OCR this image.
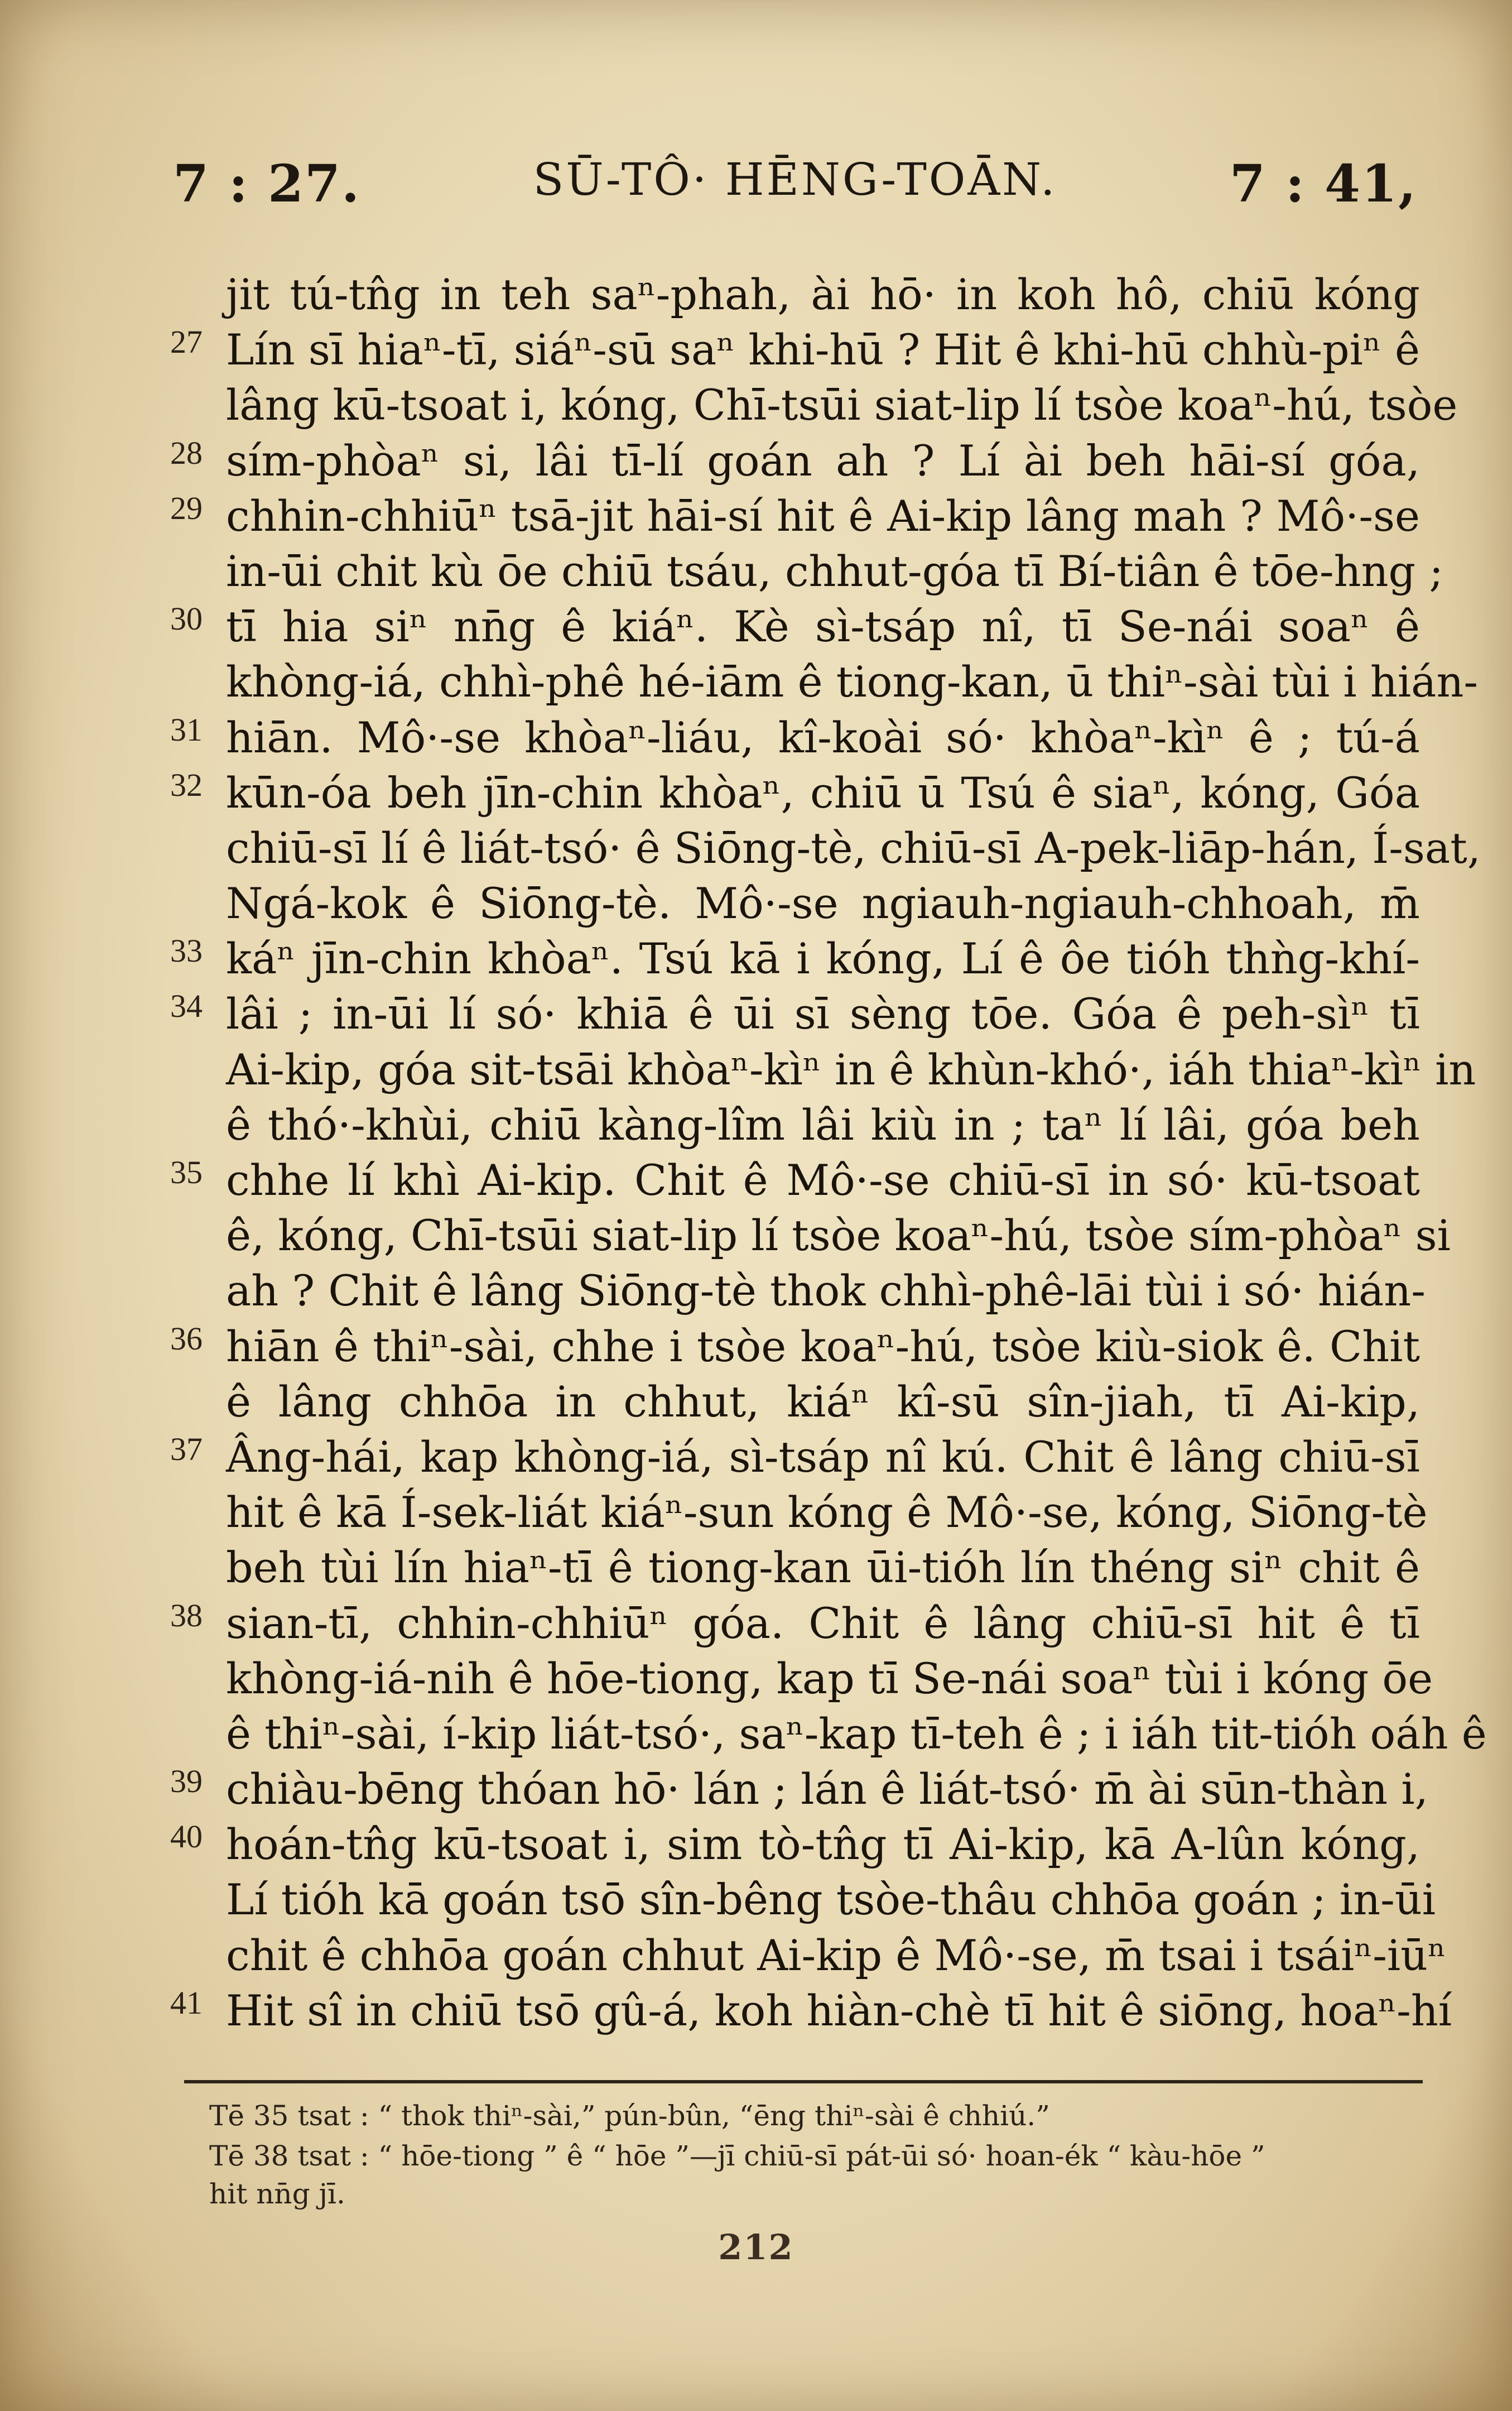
7 : 27.	SŪ-TÔ· HĒNG-TOĀN.	7 : 41,
jit tú-tn̂g in teh saⁿ-phah, ài hō· in koh hô, chiū kóng
27 Lín sī hiaⁿ-tī, siáⁿ-sū saⁿ khi-hū ? Hit ê khi-hū chhù-piⁿ ê
lâng kū-tsoat i, kóng, Chī-tsūi siat-lip lí tsòe koaⁿ-hú, tsòe
28 sím-phòaⁿ si, lâi tī-lí goán ah ? Lí ài beh hāi-sí góa,
29 chhin-chhiūⁿ tsā-jit hāi-sí hit ê Ai-kip lâng mah ? Mô·-se
in-ūi chit kù ōe chiū tsáu, chhut-góa tī Bí-tiân ê tōe-hng ;
30 tī hia siⁿ nn̄g ê kiáⁿ. Kè sì-tsáp nî, tī Se-nái soaⁿ ê
khòng-iá, chhì-phê hé-iām ê tiong-kan, ū thiⁿ-sài tùi i hián-
31 hiān. Mô·-se khòaⁿ-liáu, kî-koài só· khòaⁿ-kìⁿ ê ; tú-á
32 kūn-óa beh jīn-chin khòaⁿ, chiū ū Tsú ê siaⁿ, kóng, Góa
chiū-sī lí ê liát-tsó· ê Siōng-tè, chiū-sī A-pek-liāp-hán, Í-sat,
Ngá-kok ê Siōng-tè. Mô·-se ngiauh-ngiauh-chhoah, m̄
33 káⁿ jīn-chin khòaⁿ. Tsú kā i kóng, Lí ê ôe tióh thǹg-khí-
34 lâi ; in-ūi lí só· khiā ê ūi sī sèng tōe. Góa ê peh-sìⁿ tī
Ai-kip, góa sit-tsāi khòaⁿ-kìⁿ in ê khùn-khó·, iáh thiaⁿ-kìⁿ in
ê thó·-khùi, chiū kàng-lîm lâi kiù in ; taⁿ lí lâi, góa beh
35 chhe lí khì Ai-kip. Chit ê Mô·-se chiū-sī in só· kū-tsoat
ê, kóng, Chī-tsūi siat-lip lí tsòe koaⁿ-hú, tsòe sím-phòaⁿ si
ah ? Chit ê lâng Siōng-tè thok chhì-phê-lāi tùi i só· hián-
36 hiān ê thiⁿ-sài, chhe i tsòe koaⁿ-hú, tsòe kiù-siok ê. Chit
ê lâng chhōa in chhut, kiáⁿ kî-sū sîn-jiah, tī Ai-kip,
37 Âng-hái, kap khòng-iá, sì-tsáp nî kú. Chit ê lâng chiū-sī
hit ê kā Í-sek-liát kiáⁿ-sun kóng ê Mô·-se, kóng, Siōng-tè
beh tùi lín hiaⁿ-tī ê tiong-kan ūi-tióh lín théng siⁿ chit ê
38 sian-tī, chhin-chhiūⁿ góa. Chit ê lâng chiū-sī hit ê tī
khòng-iá-nih ê hōe-tiong, kap tī Se-nái soaⁿ tùi i kóng ōe
ê thiⁿ-sài, í-kip liát-tsó·, saⁿ-kap tī-teh ê ; i iáh tit-tióh oáh ê
39 chiàu-bēng thóan hō· lán ; lán ê liát-tsó· m̄ ài sūn-thàn i,
40 hoán-tn̂g kū-tsoat i, sim tò-tn̂g tī Ai-kip, kā A-lûn kóng,
Lí tióh kā goán tsō sîn-bêng tsòe-thâu chhōa goán ; in-ūi
chit ê chhōa goán chhut Ai-kip ê Mô·-se, m̄ tsai i tsáiⁿ-iūⁿ
41 Hit sî in chiū tsō gû-á, koh hiàn-chè tī hit ê siōng, hoaⁿ-hí
Tē 35 tsat : “ thok thiⁿ-sài,” pún-bûn, “ēng thiⁿ-sài ê chhiú.”
Tē 38 tsat : “ hōe-tiong ” ê “ hōe ”—jī chiū-sī pát-ūi só· hoan-ék “ kàu-hōe ”
hit nn̄g jī.
212
